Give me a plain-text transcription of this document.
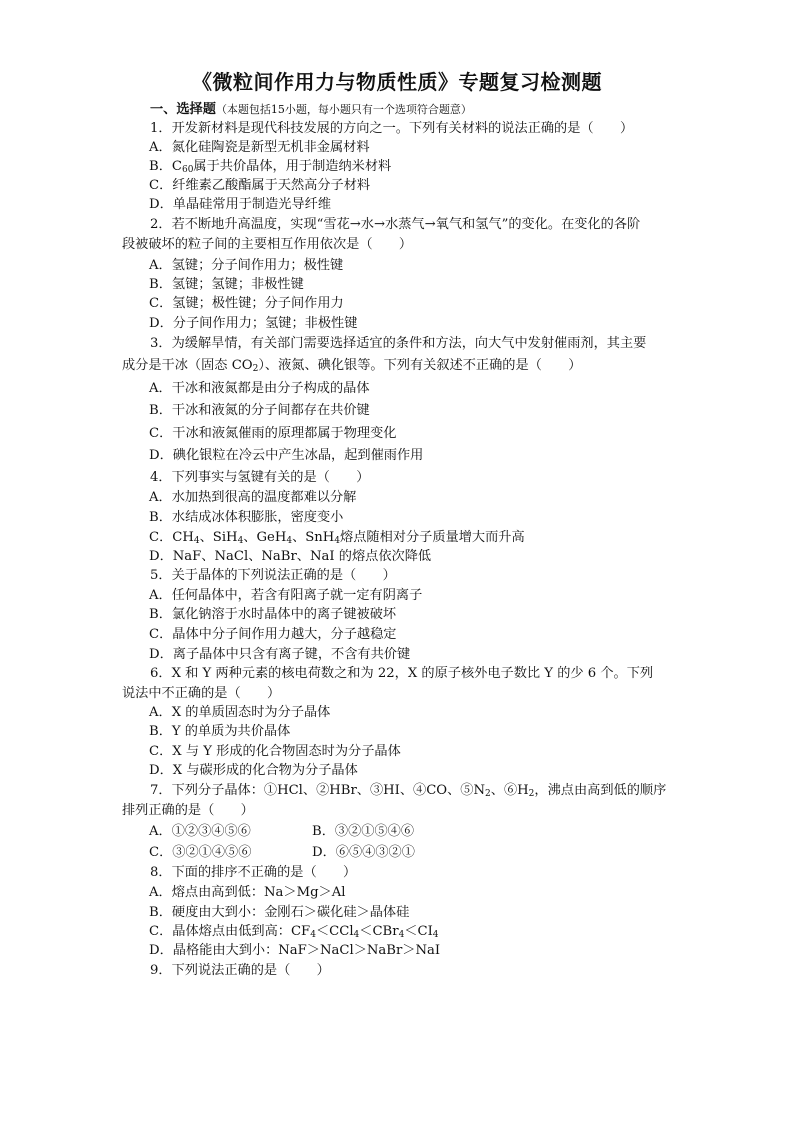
《微粒间作用力与物质性质》专题复习检测题
一、选择题（本题包括15小题，每小题只有一个选项符合题意）
1．开发新材料是现代科技发展的方向之一。下列有关材料的说法正确的是（　　）
A．氮化硅陶瓷是新型无机非金属材料
B．$C_{60}$属于共价晶体，用于制造纳米材料
C．纤维素乙酸酯属于天然高分子材料
D．单晶硅常用于制造光导纤维
2．若不断地升高温度，实现“雪花→水→水蒸气→氧气和氢气”的变化。在变化的各阶
段被破坏的粒子间的主要相互作用依次是（　　）
A．氢键；分子间作用力；极性键
B．氢键；氢键；非极性键
C．氢键；极性键；分子间作用力
D．分子间作用力；氢键；非极性键
3．为缓解旱情，有关部门需要选择适宜的条件和方法，向大气中发射催雨剂，其主要
成分是干冰（固态 $CO_2$）、液氮、碘化银等。下列有关叙述不正确的是（　　）
A．干冰和液氮都是由分子构成的晶体
B．干冰和液氮的分子间都存在共价键
C．干冰和液氮催雨的原理都属于物理变化
D．碘化银粒在冷云中产生冰晶，起到催雨作用
4．下列事实与氢键有关的是（　　）
A．水加热到很高的温度都难以分解
B．水结成冰体积膨胀，密度变小
C．$CH_4$、SiH$_4$、GeH$_4$、SnH$_4$熔点随相对分子质量增大而升高
D．NaF、NaCl、NaBr、NaI 的熔点依次降低
5．关于晶体的下列说法正确的是（　　）
A．任何晶体中，若含有阳离子就一定有阴离子
B．氯化钠溶于水时晶体中的离子键被破坏
C．晶体中分子间作用力越大，分子越稳定
D．离子晶体中只含有离子键，不含有共价键
6．X 和 Y 两种元素的核电荷数之和为 22，X 的原子核外电子数比 Y 的少 6 个。下列
说法中不正确的是（　　）
A．X 的单质固态时为分子晶体
B．Y 的单质为共价晶体
C．X 与 Y 形成的化合物固态时为分子晶体
D．X 与碳形成的化合物为分子晶体
7．下列分子晶体：①HCl、②HBr、③HI、④CO、$⑤N_2$、$⑥H_2$，沸点由高到低的顺序
排列正确的是（　　）
A．①②③④⑤⑥	B．③②①⑤④⑥
C．③②①④⑤⑥	D．⑥⑤④③②①
8．下面的排序不正确的是（　　）
A．熔点由高到低：Na＞Mg＞Al
B．硬度由大到小：金刚石＞碳化硅＞晶体硅
C．晶体熔点由低到高：$CF_4<CCl_4<CBr_4<CI_4$
D．晶格能由大到小：NaF＞NaCl＞NaBr＞NaI
9．下列说法正确的是（　　）
